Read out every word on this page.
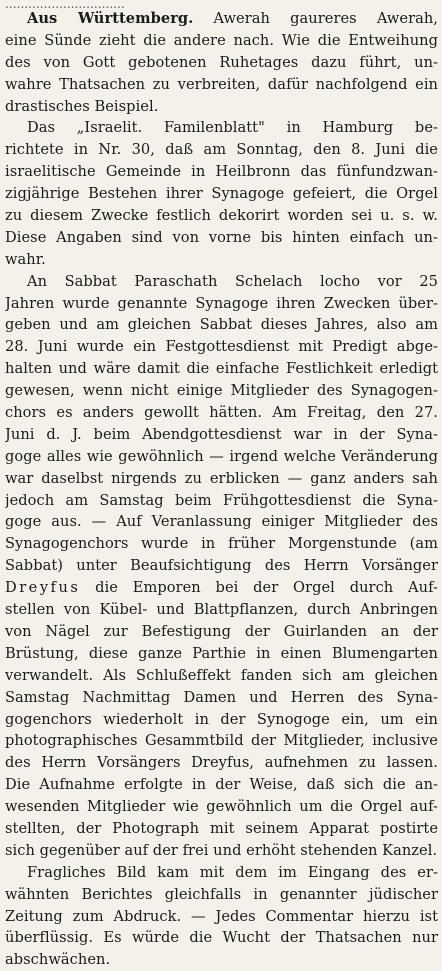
...............................
Aus Württemberg. Awerah gaureres Awerah,
eine Sünde zieht die andere nach. Wie die Entweihung
des von Gott gebotenen Ruhetages dazu führt, un-
wahre Thatsachen zu verbreiten, dafür nachfolgend ein
drastisches Beispiel.
Das „Israelit. Familenblatt" in Hamburg be-
richtete in Nr. 30, daß am Sonntag, den 8. Juni die
israelitische Gemeinde in Heilbronn das fünfundzwan-
zigjährige Bestehen ihrer Synagoge gefeiert, die Orgel
zu diesem Zwecke festlich dekorirt worden sei u. s. w.
Diese Angaben sind von vorne bis hinten einfach un-
wahr.
An Sabbat Paraschath Schelach locho vor 25
Jahren wurde genannte Synagoge ihren Zwecken über-
geben und am gleichen Sabbat dieses Jahres, also am
28. Juni wurde ein Festgottesdienst mit Predigt abge-
halten und wäre damit die einfache Festlichkeit erledigt
gewesen, wenn nicht einige Mitglieder des Synagogen-
chors es anders gewollt hätten. Am Freitag, den 27.
Juni d. J. beim Abendgottesdienst war in der Syna-
goge alles wie gewöhnlich — irgend welche Veränderung
war daselbst nirgends zu erblicken — ganz anders sah
jedoch am Samstag beim Frühgottesdienst die Syna-
goge aus. — Auf Veranlassung einiger Mitglieder des
Synagogenchors wurde in früher Morgenstunde (am
Sabbat) unter Beaufsichtigung des Herrn Vorsänger
Dreyfus die Emporen bei der Orgel durch Auf-
stellen von Kübel- und Blattpflanzen, durch Anbringen
von Nägel zur Befestigung der Guirlanden an der
Brüstung, diese ganze Parthie in einen Blumengarten
verwandelt. Als Schlußeffekt fanden sich am gleichen
Samstag Nachmittag Damen und Herren des Syna-
gogenchors wiederholt in der Synogoge ein, um ein
photographisches Gesammtbild der Mitglieder, inclusive
des Herrn Vorsängers Dreyfus, aufnehmen zu lassen.
Die Aufnahme erfolgte in der Weise, daß sich die an-
wesenden Mitglieder wie gewöhnlich um die Orgel auf-
stellten, der Photograph mit seinem Apparat postirte
sich gegenüber auf der frei und erhöht stehenden Kanzel.
Fragliches Bild kam mit dem im Eingang des er-
wähnten Berichtes gleichfalls in genannter jüdischer
Zeitung zum Abdruck. — Jedes Commentar hierzu ist
überflüssig. Es würde die Wucht der Thatsachen nur
abschwächen.
